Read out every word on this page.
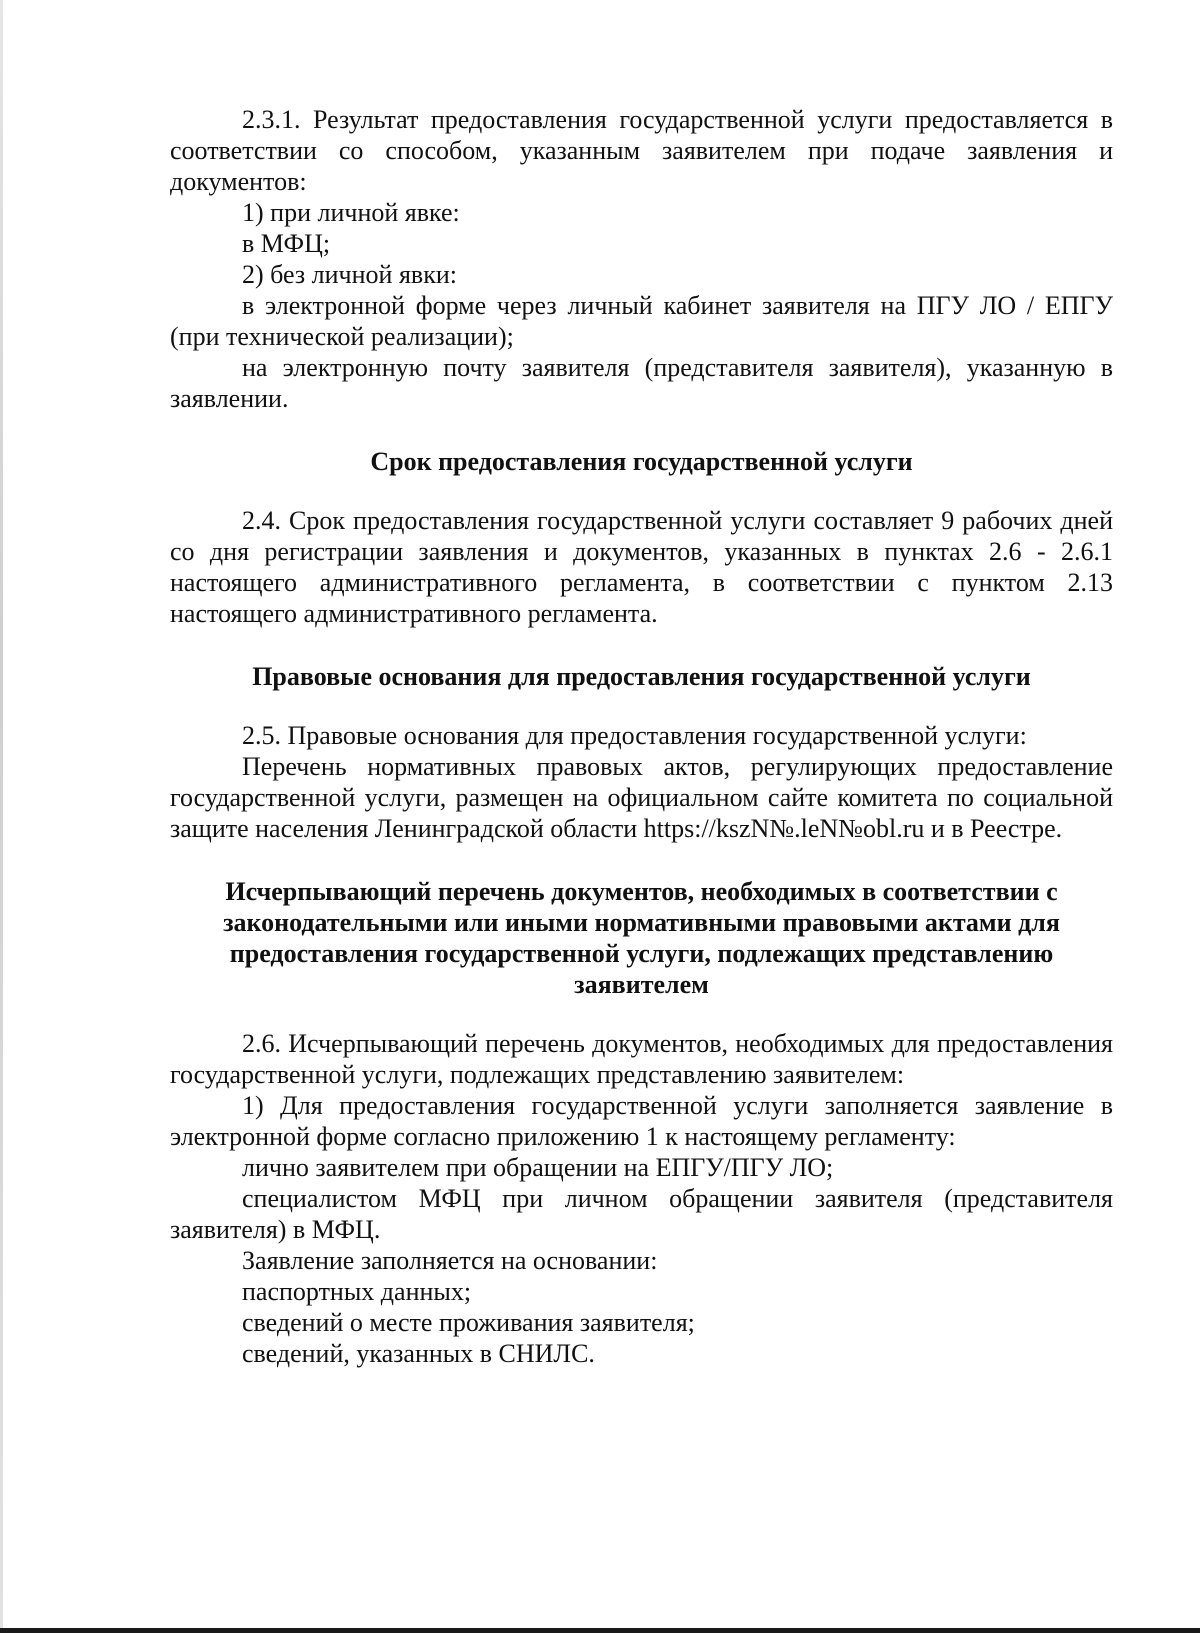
2.3.1. Результат предоставления государственной услуги предоставляется в соответствии со способом, указанным заявителем при подаче заявления и документов:

1) при личной явке:

в МФЦ;

2) без личной явки:

в электронной форме через личный кабинет заявителя на ПГУ ЛО / ЕПГУ (при технической реализации);

на электронную почту заявителя (представителя заявителя), указанную в заявлении.

Срок предоставления государственной услуги

2.4. Срок предоставления государственной услуги составляет 9 рабочих дней со дня регистрации заявления и документов, указанных в пунктах 2.6 - 2.6.1 настоящего административного регламента, в соответствии с пунктом 2.13 настоящего административного регламента.

Правовые основания для предоставления государственной услуги

2.5. Правовые основания для предоставления государственной услуги:

Перечень нормативных правовых актов, регулирующих предоставление государственной услуги, размещен на официальном сайте комитета по социальной защите населения Ленинградской области https://kszN№.leN№obl.ru и в Реестре.

Исчерпывающий перечень документов, необходимых в соответствии с законодательными или иными нормативными правовыми актами для предоставления государственной услуги, подлежащих представлению заявителем

2.6. Исчерпывающий перечень документов, необходимых для предоставления государственной услуги, подлежащих представлению заявителем:

1) Для предоставления государственной услуги заполняется заявление в электронной форме согласно приложению 1 к настоящему регламенту:

лично заявителем при обращении на ЕПГУ/ПГУ ЛО;

специалистом МФЦ при личном обращении заявителя (представителя заявителя) в МФЦ.

Заявление заполняется на основании:

паспортных данных;

сведений о месте проживания заявителя;

сведений, указанных в СНИЛС.
